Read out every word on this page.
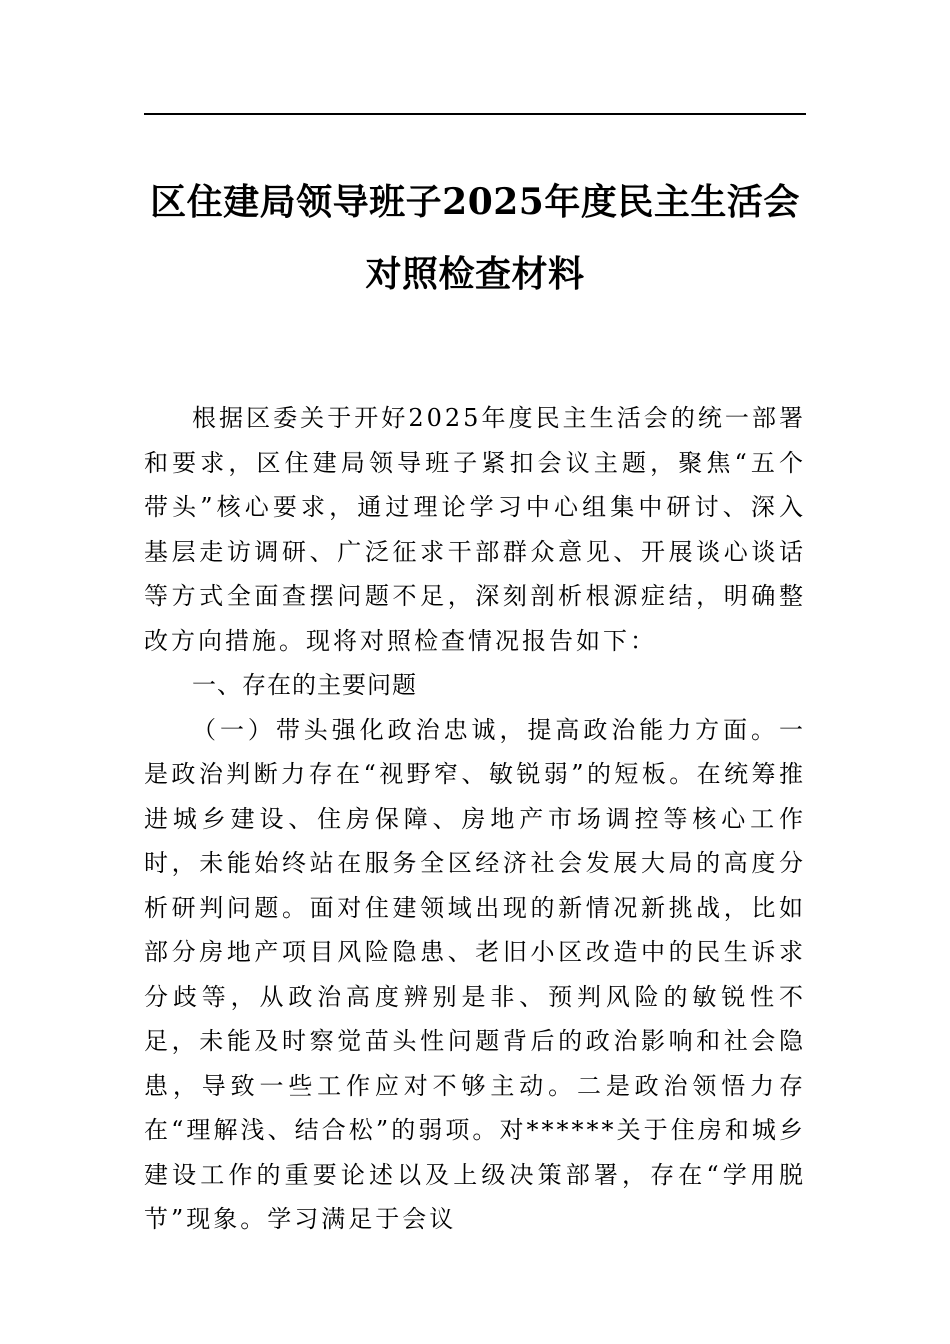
区住建局领导班子2025年度民主生活会对照检查材料

根据区委关于开好2025年度民主生活会的统一部署和要求，区住建局领导班子紧扣会议主题，聚焦“五个带头”核心要求，通过理论学习中心组集中研讨、深入基层走访调研、广泛征求干部群众意见、开展谈心谈话等方式全面查摆问题不足，深刻剖析根源症结，明确整改方向措施。现将对照检查情况报告如下：

一、存在的主要问题

（一）带头强化政治忠诚，提高政治能力方面。一是政治判断力存在“视野窄、敏锐弱”的短板。在统筹推进城乡建设、住房保障、房地产市场调控等核心工作时，未能始终站在服务全区经济社会发展大局的高度分析研判问题。面对住建领域出现的新情况新挑战，比如部分房地产项目风险隐患、老旧小区改造中的民生诉求分歧等，从政治高度辨别是非、预判风险的敏锐性不足，未能及时察觉苗头性问题背后的政治影响和社会隐患，导致一些工作应对不够主动。二是政治领悟力存在“理解浅、结合松”的弱项。对******关于住房和城乡建设工作的重要论述以及上级决策部署，存在“学用脱节”现象。学习满足于会议
